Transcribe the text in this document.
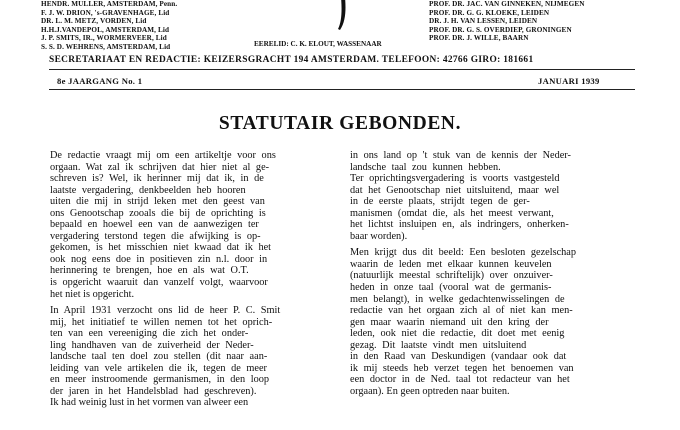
HENDR. MULLER, AMSTERDAM, Penn.
F. J. W. DRION, 's-GRAVENHAGE, Lid
DR. L. M. METZ, VORDEN, Lid
H.H.J.VANDEPOL, AMSTERDAM, Lid
J. P. SMITS, IR., WORMERVEER, Lid
S. S. D. WEHRENS, AMSTERDAM, Lid
PROF. DR. JAC. VAN GINNEKEN, NIJMEGEN
PROF. DR. G. G. KLOEKE, LEIDEN
DR. J. H. VAN LESSEN, LEIDEN
PROF. DR. G. S. OVERDIEP, GRONINGEN
PROF. DR. J. WILLE, BAARN
EERELID: C. K. ELOUT, WASSENAAR
SECRETARIAAT EN REDACTIE: KEIZERSGRACHT 194 AMSTERDAM. TELEFOON: 42766 GIRO: 181661
8e JAARGANG No. 1	JANUARI 1939
STATUTAIR GEBONDEN.
De redactie vraagt mij om een artikeltje voor ons
orgaan. Wat zal ik schrijven dat hier niet al ge-
schreven is? Wel, ik herinner mij dat ik, in de
laatste vergadering, denkbeelden heb hooren
uiten die mij in strijd leken met den geest van
ons Genootschap zooals die bij de oprichting is
bepaald en hoewel een van de aanwezigen ter
vergadering terstond tegen die afwijking is op-
gekomen, is het misschien niet kwaad dat ik het
ook nog eens doe in positieven zin n.l. door in
herinnering te brengen, hoe en als wat O.T.
is opgericht waaruit dan vanzelf volgt, waarvoor
het niet is opgericht.
In April 1931 verzocht ons lid de heer P. C. Smit
mij, het initiatief te willen nemen tot het oprich-
ten van een vereeniging die zich het onder-
ling handhaven van de zuiverheid der Neder-
landsche taal ten doel zou stellen (dit naar aan-
leiding van vele artikelen die ik, tegen de meer
en meer instroomende germanismen, in den loop
der jaren in het Handelsblad had geschreven).
Ik had weinig lust in het vormen van alweer een
in ons land op 't stuk van de kennis der Neder-
landsche taal zou kunnen hebben.
Ter oprichtingsvergadering is voorts vastgesteld
dat het Genootschap niet uitsluitend, maar wel
in de eerste plaats, strijdt tegen de ger-
manismen (omdat die, als het meest verwant,
het lichtst insluipen en, als indringers, onherken-
baar worden).
Men krijgt dus dit beeld: Een besloten gezelschap
waarin de leden met elkaar kunnen keuvelen
(natuurlijk meestal schriftelijk) over onzuiver-
heden in onze taal (vooral wat de germanis-
men belangt), in welke gedachtenwisselingen de
redactie van het orgaan zich al of niet kan men-
gen maar waarin niemand uit den kring der
leden, ook niet die redactie, dit doet met eenig
gezag. Dit laatste vindt men uitsluitend
in den Raad van Deskundigen (vandaar ook dat
ik mij steeds heb verzet tegen het benoemen van
een doctor in de Ned. taal tot redacteur van het
orgaan). En geen optreden naar buiten.
